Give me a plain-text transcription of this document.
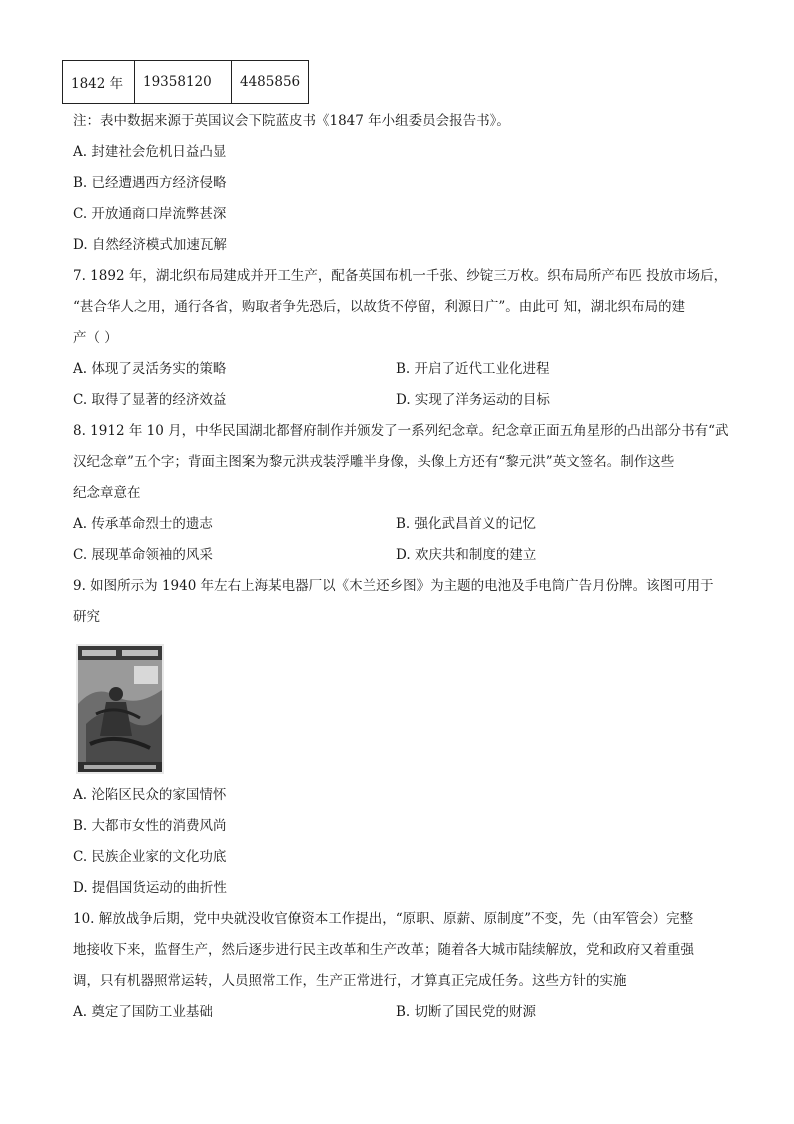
1842 年	19358120	4485856
注：表中数据来源于英国议会下院蓝皮书《1847 年小组委员会报告书》。
A. 封建社会危机日益凸显
B. 已经遭遇西方经济侵略
C. 开放通商口岸流弊甚深
D. 自然经济模式加速瓦解
7. 1892 年，湖北织布局建成并开工生产，配备英国布机一千张、纱锭三万枚。织布局所产布匹 投放市场后，
“甚合华人之用，通行各省，购取者争先恐后，以故货不停留，利源日广”。由此可 知，湖北织布局的建
产（ ）
A. 体现了灵活务实的策略	B. 开启了近代工业化进程
C. 取得了显著的经济效益	D. 实现了洋务运动的目标
8. 1912 年 10 月，中华民国湖北都督府制作并颁发了一系列纪念章。纪念章正面五角星形的凸出部分书有“武
汉纪念章”五个字；背面主图案为黎元洪戎装浮雕半身像，头像上方还有“黎元洪”英文签名。制作这些
纪念章意在
A. 传承革命烈士的遗志	B. 强化武昌首义的记忆
C. 展现革命领袖的风采	D. 欢庆共和制度的建立
9. 如图所示为 1940 年左右上海某电器厂以《木兰还乡图》为主题的电池及手电筒广告月份牌。该图可用于
研究
A. 沦陷区民众的家国情怀
B. 大都市女性的消费风尚
C. 民族企业家的文化功底
D. 提倡国货运动的曲折性
10. 解放战争后期，党中央就没收官僚资本工作提出，“原职、原薪、原制度”不变，先（由军管会）完整
地接收下来，监督生产，然后逐步进行民主改革和生产改革；随着各大城市陆续解放，党和政府又着重强
调，只有机器照常运转，人员照常工作，生产正常进行，才算真正完成任务。这些方针的实施
A. 奠定了国防工业基础	B. 切断了国民党的财源
